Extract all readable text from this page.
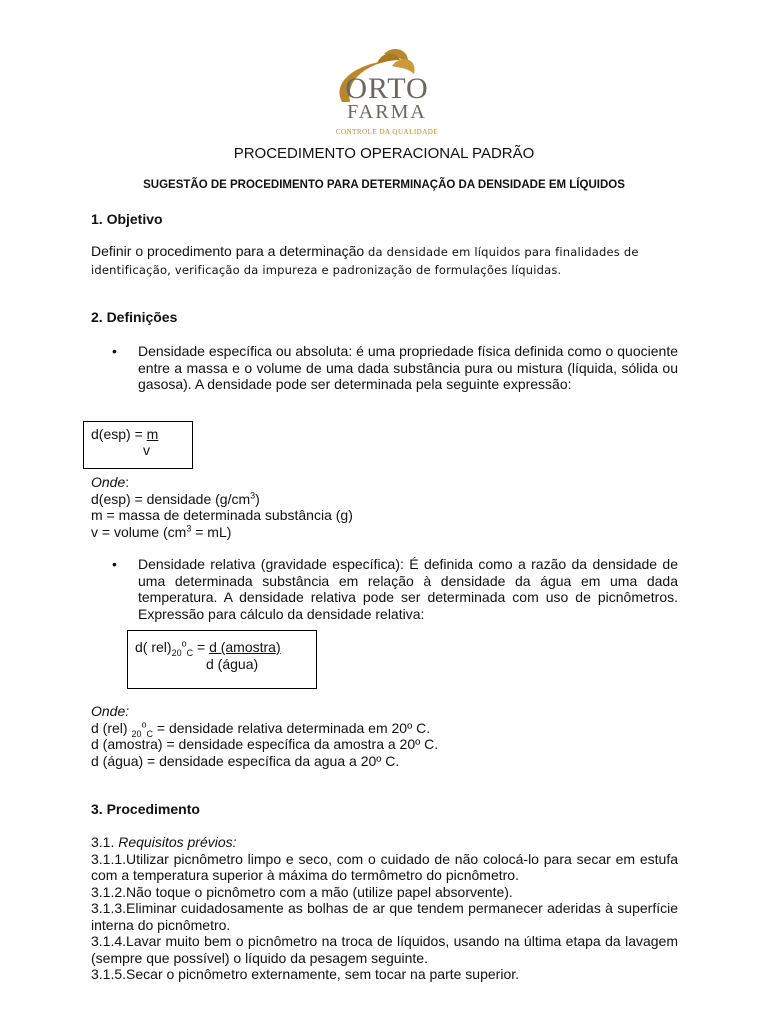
ORTO
FARMA
CONTROLE DA QUALIDADE
PROCEDIMENTO OPERACIONAL PADRÃO
SUGESTÃO DE PROCEDIMENTO PARA DETERMINAÇÃO DA DENSIDADE EM LÍQUIDOS
1. Objetivo
Definir o procedimento para a determinação da densidade em líquidos para finalidades de
identificação, verificação da impureza e padronização de formulações líquidas.
2. Definições
• Densidade específica ou absoluta: é uma propriedade física definida como o quociente entre a massa e o volume de uma dada substância pura ou mistura (líquida, sólida ou gasosa). A densidade pode ser determinada pela seguinte expressão:
d(esp) = m
v
Onde:
d(esp) = densidade $(g/cm^3)$
m = massa de determinada substância (g)
v = volume $(cm^3 = mL)$
• Densidade relativa (gravidade específica): É definida como a razão da densidade de uma determinada substância em relação à densidade da água em uma dada temperatura. A densidade relativa pode ser determinada com uso de picnômetros. Expressão para cálculo da densidade relativa:
d( $rel)_{20}^o_C = d$ (amostra)
d (água)
Onde:
d (rel) $_{20}^o_C$ = densidade relativa determinada em 20º C.
d (amostra) = densidade específica da amostra a 20º C.
d (água) = densidade específica da agua a 20º C.
3. Procedimento
3.1. Requisitos prévios:
3.1.1.Utilizar picnômetro limpo e seco, com o cuidado de não colocá-lo para secar em estufa com a temperatura superior à máxima do termômetro do picnômetro.
3.1.2.Não toque o picnômetro com a mão (utilize papel absorvente).
3.1.3.Eliminar cuidadosamente as bolhas de ar que tendem permanecer aderidas à superfície interna do picnômetro.
3.1.4.Lavar muito bem o picnômetro na troca de líquidos, usando na última etapa da lavagem (sempre que possível) o líquido da pesagem seguinte.
3.1.5.Secar o picnômetro externamente, sem tocar na parte superior.
